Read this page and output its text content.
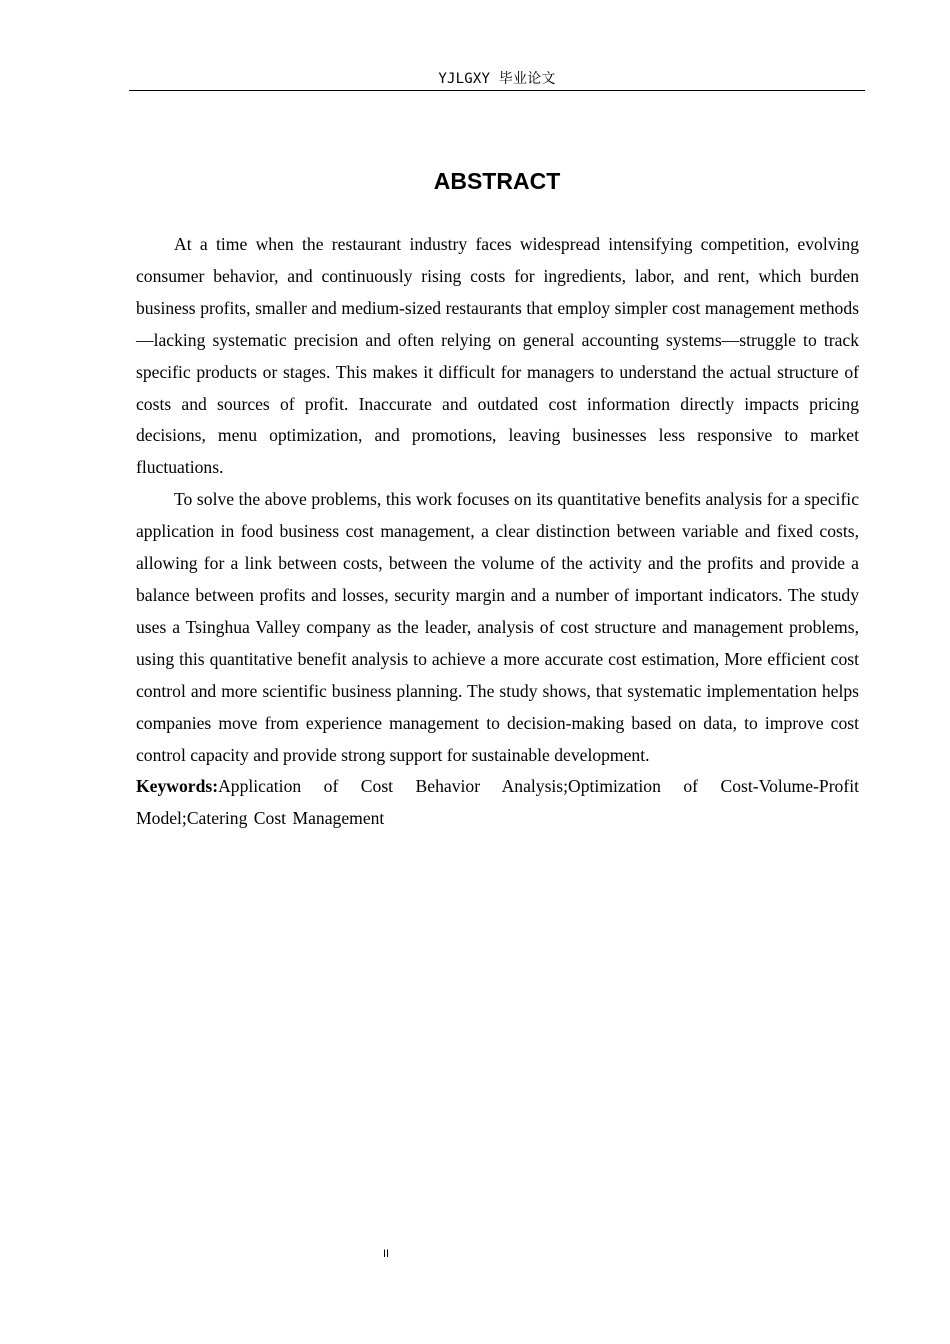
YJLGXY 毕业论文
ABSTRACT

At a time when the restaurant industry faces widespread intensifying competition, evolving consumer behavior, and continuously rising costs for ingredients, labor, and rent, which burden business profits, smaller and medium-sized restaurants that employ simpler cost management methods—lacking systematic precision and often relying on general accounting systems—struggle to track specific products or stages. This makes it difficult for managers to understand the actual structure of costs and sources of profit. Inaccurate and outdated cost information directly impacts pricing decisions, menu optimization, and promotions, leaving businesses less responsive to market fluctuations.

To solve the above problems, this work focuses on its quantitative benefits analysis for a specific application in food business cost management, a clear distinction between variable and fixed costs, allowing for a link between costs, between the volume of the activity and the profits and provide a balance between profits and losses, security margin and a number of important indicators. The study uses a Tsinghua Valley company as the leader, analysis of cost structure and management problems, using this quantitative benefit analysis to achieve a more accurate cost estimation, More efficient cost control and more scientific business planning. The study shows, that systematic implementation helps companies move from experience management to decision-making based on data, to improve cost control capacity and provide strong support for sustainable development.

Keywords:Application of Cost Behavior Analysis;Optimization of Cost-Volume-Profit Model;Catering Cost Management

II
